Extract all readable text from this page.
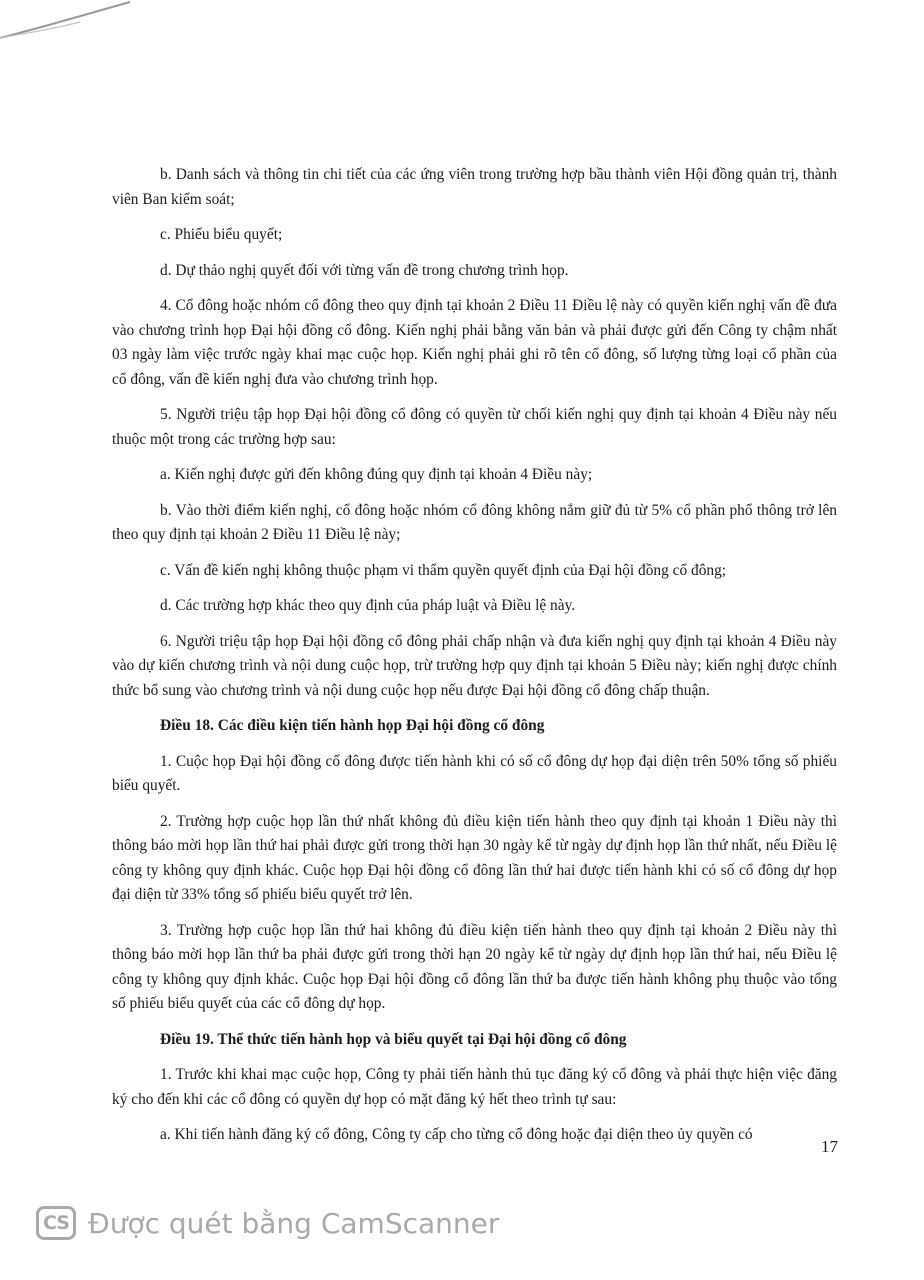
b. Danh sách và thông tin chi tiết của các ứng viên trong trường hợp bầu thành viên Hội đồng quản trị, thành viên Ban kiểm soát;

c. Phiếu biểu quyết;

d. Dự thảo nghị quyết đối với từng vấn đề trong chương trình họp.

4. Cổ đông hoặc nhóm cổ đông theo quy định tại khoản 2 Điều 11 Điều lệ này có quyền kiến nghị vấn đề đưa vào chương trình họp Đại hội đồng cổ đông. Kiến nghị phải bằng văn bản và phải được gửi đến Công ty chậm nhất 03 ngày làm việc trước ngày khai mạc cuộc họp. Kiến nghị phải ghi rõ tên cổ đông, số lượng từng loại cổ phần của cổ đông, vấn đề kiến nghị đưa vào chương trình họp.

5. Người triệu tập họp Đại hội đồng cổ đông có quyền từ chối kiến nghị quy định tại khoản 4 Điều này nếu thuộc một trong các trường hợp sau:

a. Kiến nghị được gửi đến không đúng quy định tại khoản 4 Điều này;

b. Vào thời điểm kiến nghị, cổ đông hoặc nhóm cổ đông không nắm giữ đủ từ 5% cổ phần phổ thông trở lên theo quy định tại khoản 2 Điều 11 Điều lệ này;

c. Vấn đề kiến nghị không thuộc phạm vi thẩm quyền quyết định của Đại hội đồng cổ đông;

d. Các trường hợp khác theo quy định của pháp luật và Điều lệ này.

6. Người triệu tập họp Đại hội đồng cổ đông phải chấp nhận và đưa kiến nghị quy định tại khoản 4 Điều này vào dự kiến chương trình và nội dung cuộc họp, trừ trường hợp quy định tại khoản 5 Điều này; kiến nghị được chính thức bổ sung vào chương trình và nội dung cuộc họp nếu được Đại hội đồng cổ đông chấp thuận.

Điều 18. Các điều kiện tiến hành họp Đại hội đồng cổ đông

1. Cuộc họp Đại hội đồng cổ đông được tiến hành khi có số cổ đông dự họp đại diện trên 50% tổng số phiếu biểu quyết.

2. Trường hợp cuộc họp lần thứ nhất không đủ điều kiện tiến hành theo quy định tại khoản 1 Điều này thì thông báo mời họp lần thứ hai phải được gửi trong thời hạn 30 ngày kể từ ngày dự định họp lần thứ nhất, nếu Điều lệ công ty không quy định khác. Cuộc họp Đại hội đồng cổ đông lần thứ hai được tiến hành khi có số cổ đông dự họp đại diện từ 33% tổng số phiếu biểu quyết trở lên.

3. Trường hợp cuộc họp lần thứ hai không đủ điều kiện tiến hành theo quy định tại khoản 2 Điều này thì thông báo mời họp lần thứ ba phải được gửi trong thời hạn 20 ngày kể từ ngày dự định họp lần thứ hai, nếu Điều lệ công ty không quy định khác. Cuộc họp Đại hội đồng cổ đông lần thứ ba được tiến hành không phụ thuộc vào tổng số phiếu biểu quyết của các cổ đông dự họp.

Điều 19. Thể thức tiến hành họp và biểu quyết tại Đại hội đồng cổ đông

1. Trước khi khai mạc cuộc họp, Công ty phải tiến hành thủ tục đăng ký cổ đông và phải thực hiện việc đăng ký cho đến khi các cổ đông có quyền dự họp có mặt đăng ký hết theo trình tự sau:

a. Khi tiến hành đăng ký cổ đông, Công ty cấp cho từng cổ đông hoặc đại diện theo ủy quyền có

17
CS Được quét bằng CamScanner
